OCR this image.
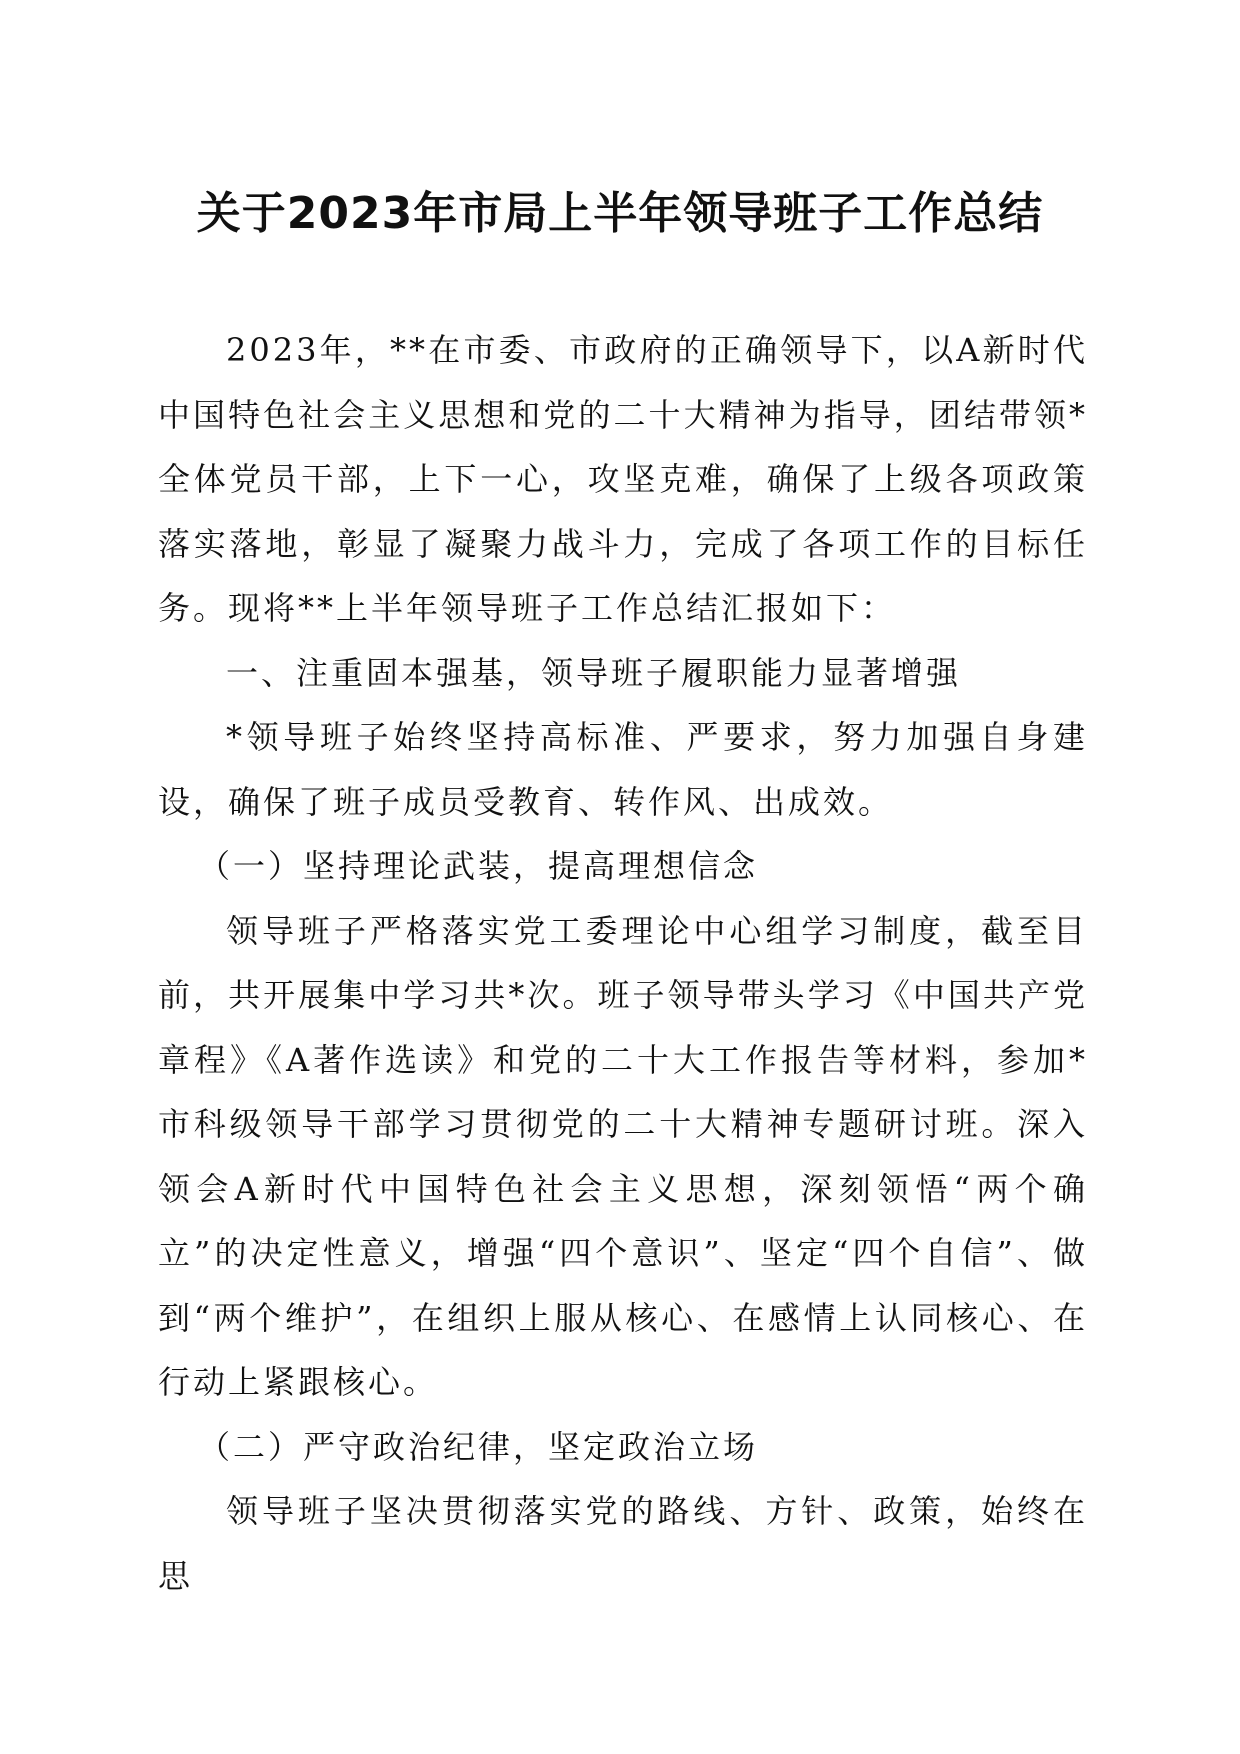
关于2023年市局上半年领导班子工作总结

2023年，**在市委、市政府的正确领导下，以A新时代中国特色社会主义思想和党的二十大精神为指导，团结带领*全体党员干部，上下一心，攻坚克难，确保了上级各项政策落实落地，彰显了凝聚力战斗力，完成了各项工作的目标任务。现将**上半年领导班子工作总结汇报如下：

一、注重固本强基，领导班子履职能力显著增强

*领导班子始终坚持高标准、严要求，努力加强自身建设，确保了班子成员受教育、转作风、出成效。

（一）坚持理论武装，提高理想信念

领导班子严格落实党工委理论中心组学习制度，截至目前，共开展集中学习共*次。班子领导带头学习《中国共产党章程》《A著作选读》和党的二十大工作报告等材料，参加*市科级领导干部学习贯彻党的二十大精神专题研讨班。深入领会A新时代中国特色社会主义思想，深刻领悟“两个确立”的决定性意义，增强“四个意识”、坚定“四个自信”、做到“两个维护”，在组织上服从核心、在感情上认同核心、在行动上紧跟核心。

（二）严守政治纪律，坚定政治立场

领导班子坚决贯彻落实党的路线、方针、政策，始终在思
